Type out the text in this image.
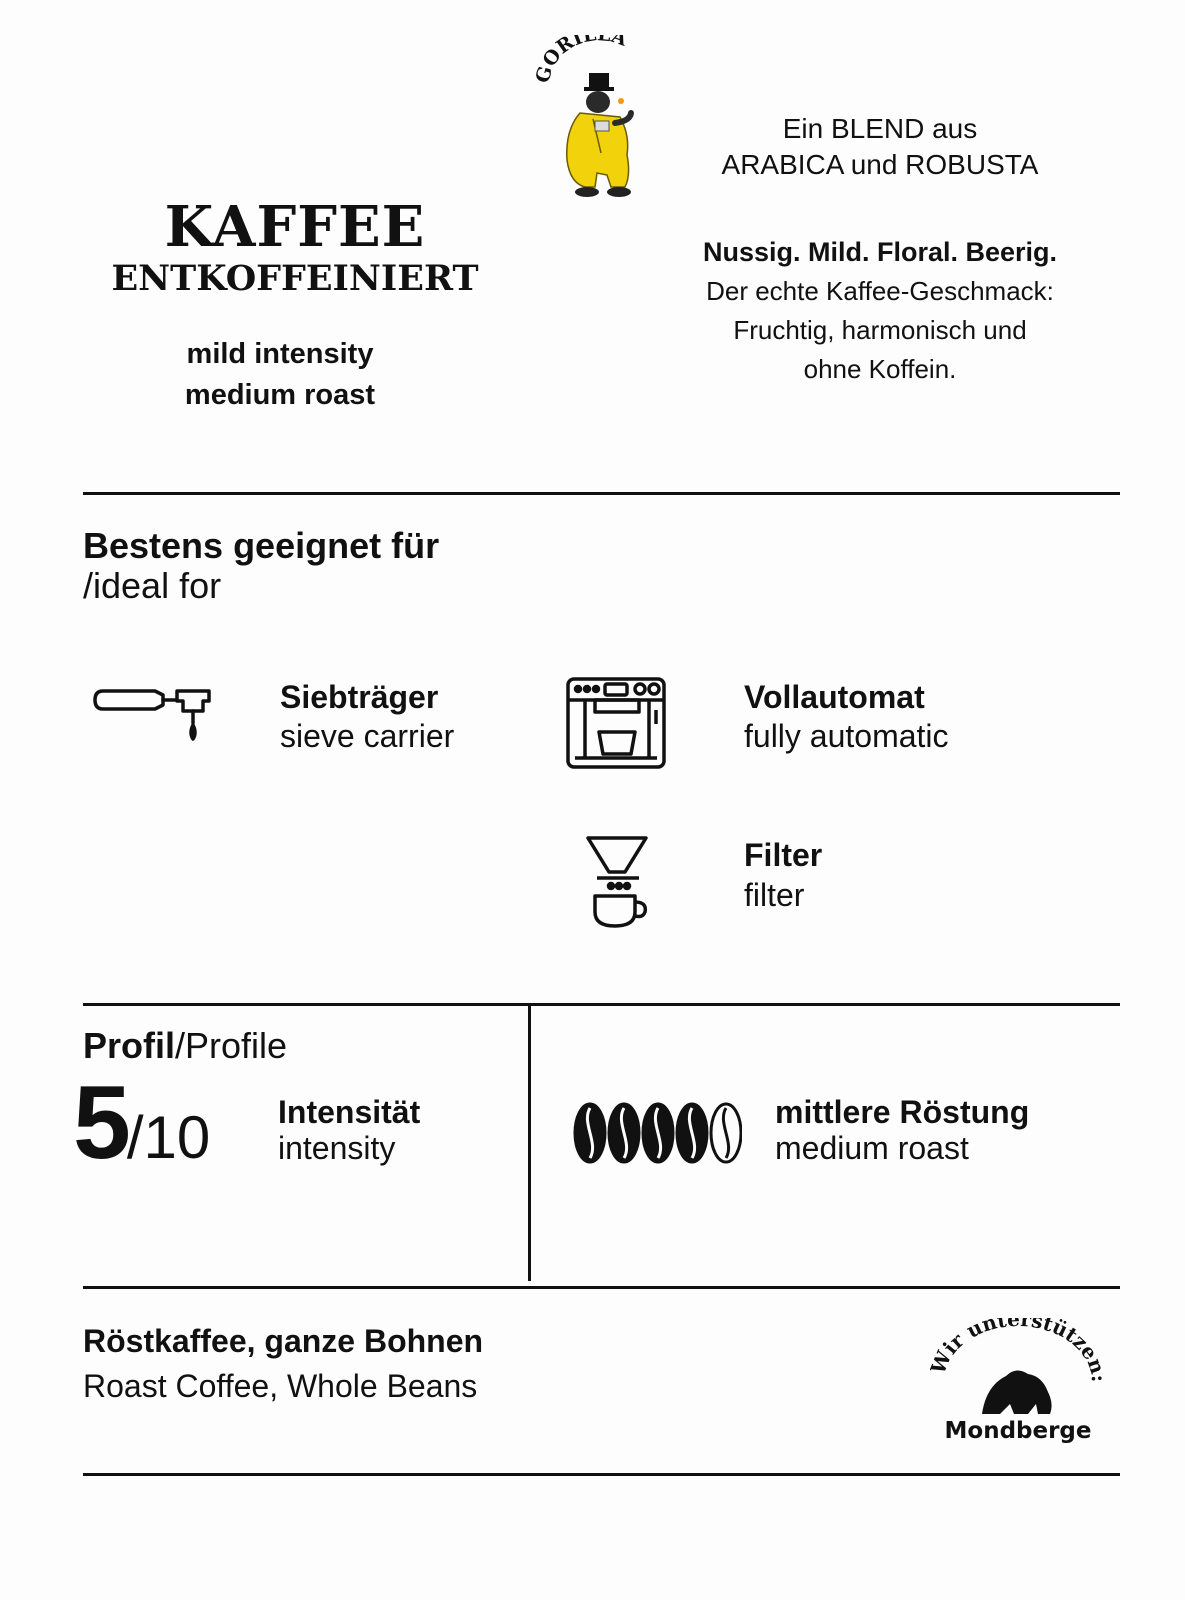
ORIL A
KAFFEE
ENTKOFFEINIERT
mild intensity
medium roast
Ein BLEND aus
ARABICA und ROBUSTA
Nussig. Mild. Floral. Beerig.
Der echte Kaffee-Geschmack:
Fruchtig, harmonisch und
ohne Koffein.
Bestens geeignet für
/ideal for
Siebträger
sieve carrier
Vollautomat
fully automatic
Filter
filter
Profil/Profile
5/10 Intensität
intensity
mittlere Röstung
medium roast
Röstkaffee, ganze Bohnen
Roast Coffee, Whole Beans
ir unterstütze
Mondberge
